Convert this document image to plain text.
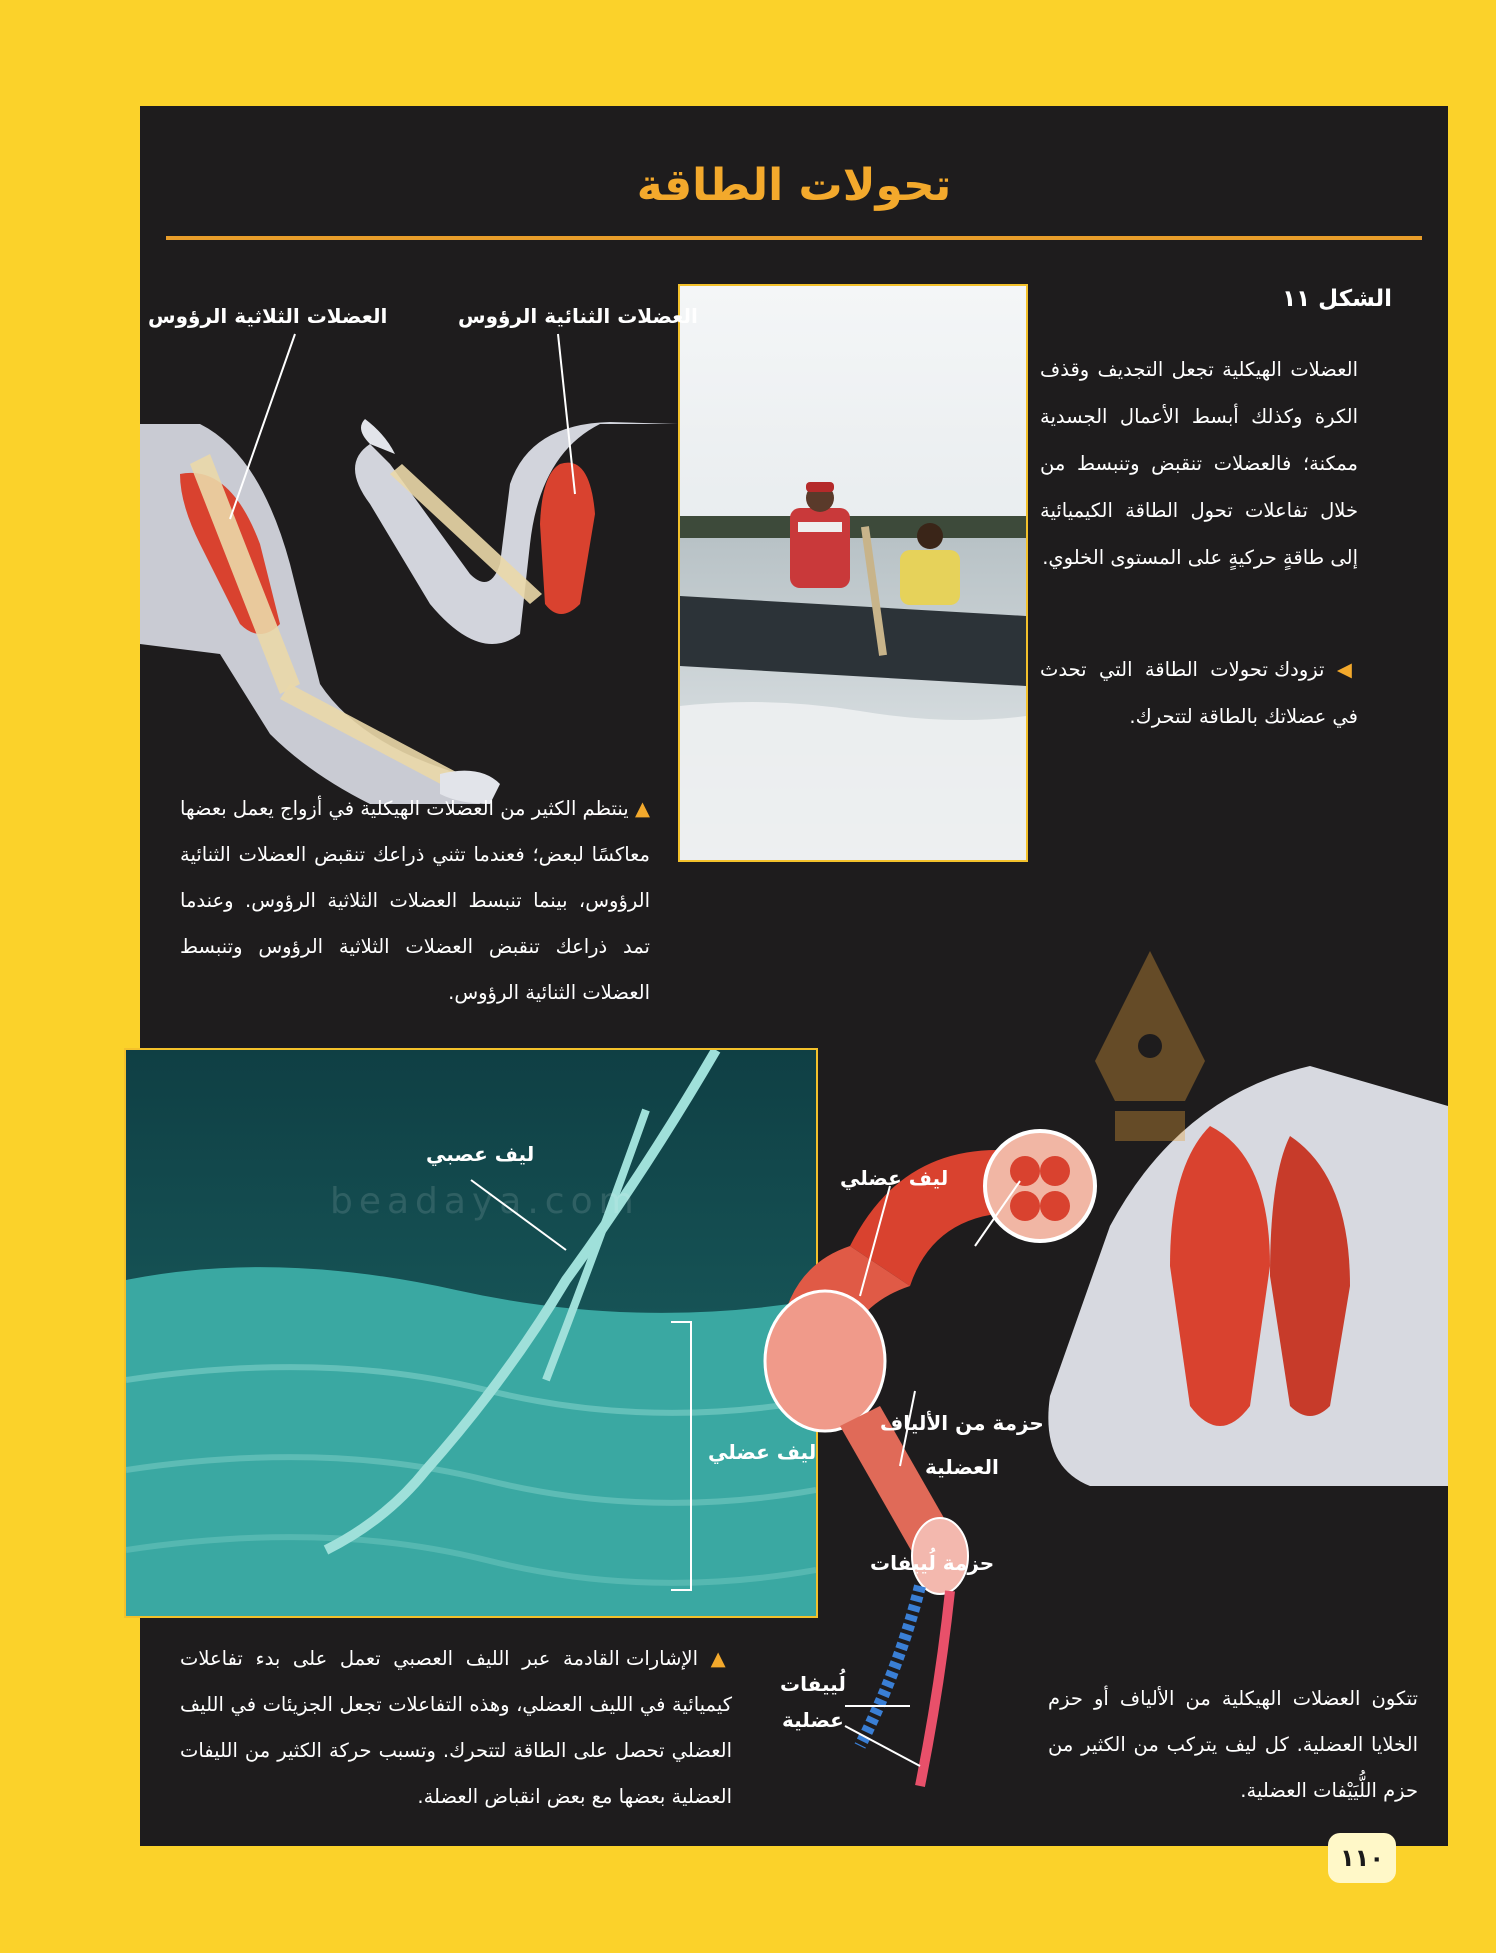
تحولات الطاقة
الشكل ١١
العضلات الهيكلية تجعل التجديف وقذف الكرة وكذلك أبسط الأعمال الجسدية ممكنة؛ فالعضلات تنقبض وتنبسط من خلال تفاعلات تحول الطاقة الكيميائية إلى طاقةٍ حركيةٍ على المستوى الخلوي.
◀ تزودك تحولات الطاقة التي تحدث في عضلاتك بالطاقة لتتحرك.
العضلات الثلاثية الرؤوس	العضلات الثنائية الرؤوس
▲ ينتظم الكثير من العضلات الهيكلية في أزواج يعمل بعضها معاكسًا لبعض؛ فعندما تثني ذراعك تنقبض العضلات الثنائية الرؤوس، بينما تنبسط العضلات الثلاثية الرؤوس. وعندما تمد ذراعك تنقبض العضلات الثلاثية الرؤوس وتنبسط العضلات الثنائية الرؤوس.
ليف عصبي
ليف عضلي
▲ الإشارات القادمة عبر الليف العصبي تعمل على بدء تفاعلات كيميائية في الليف العضلي، وهذه التفاعلات تجعل الجزيئات في الليف العضلي تحصل على الطاقة لتتحرك. وتسبب حركة الكثير من الليفات العضلية بعضها مع بعض انقباض العضلة.
ليف عضلي
حزمة من الألياف
العضلية
حزمة لُييفات
لُييفات
عضلية
تتكون العضلات الهيكلية من الألياف أو حزم الخلايا العضلية. كل ليف يتركب من الكثير من حزم اللُّيَيْفات العضلية.
beadaya.com
١١٠
